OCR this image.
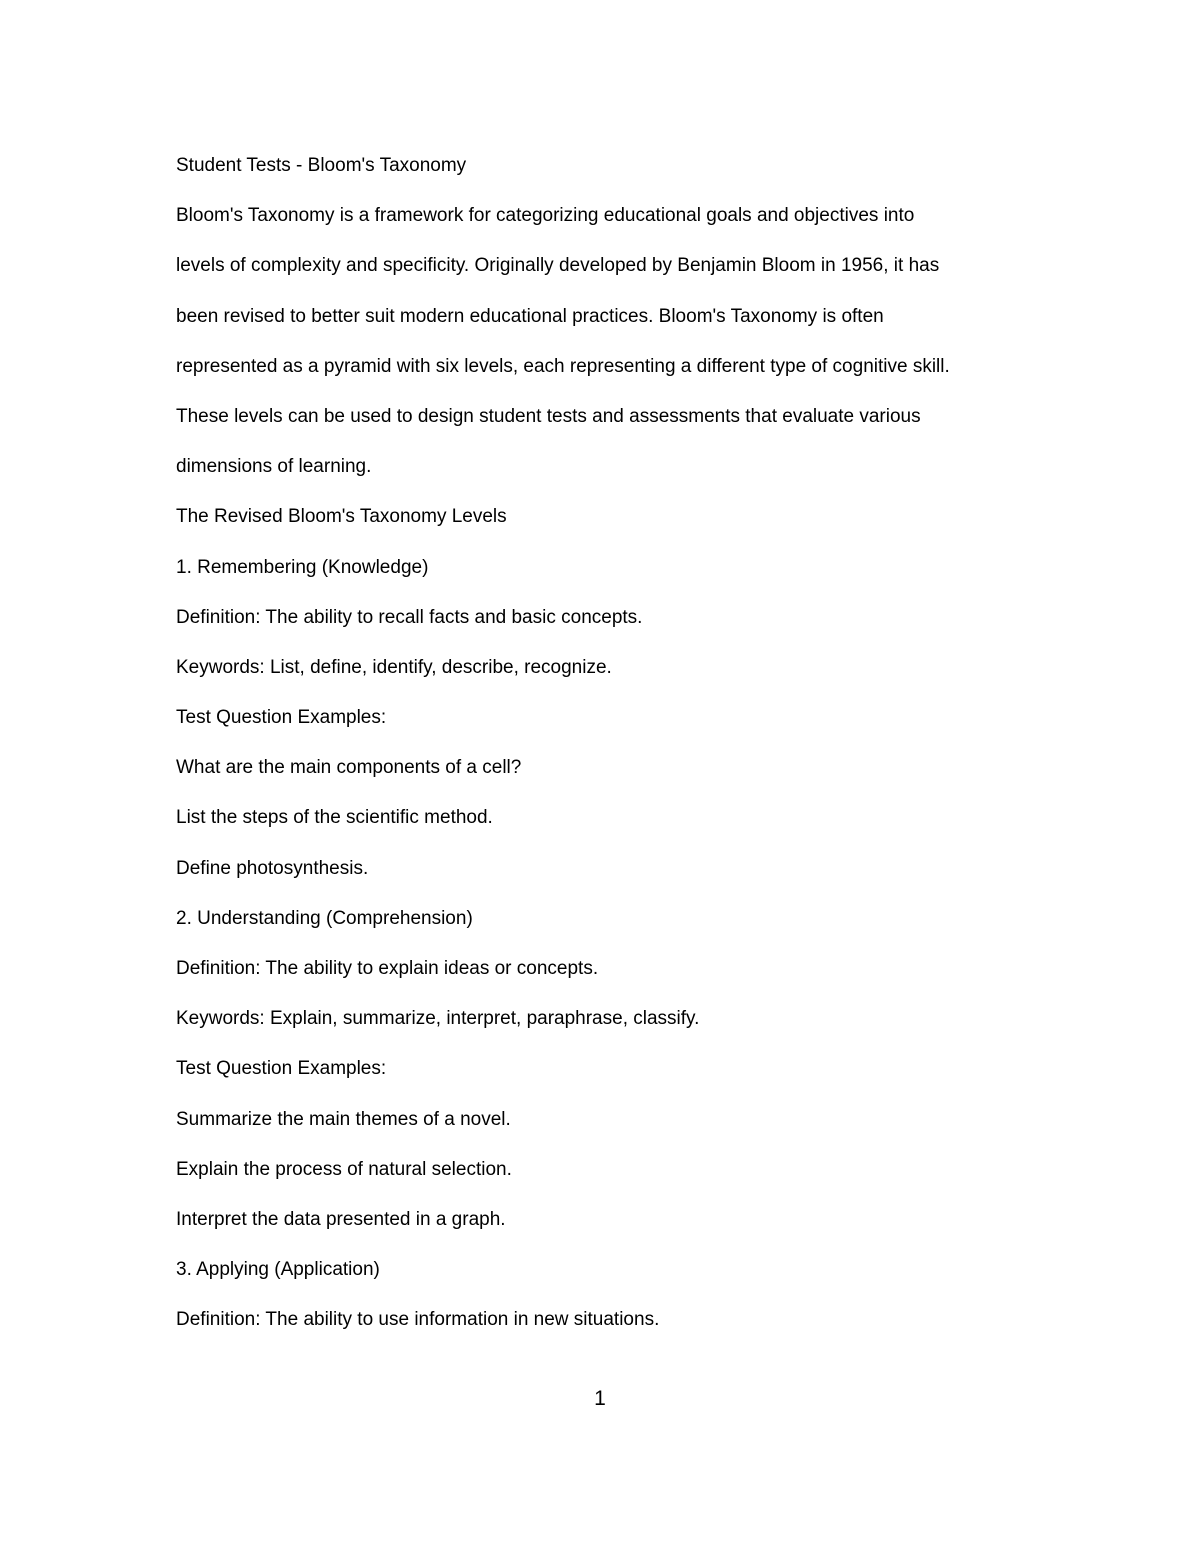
Student Tests - Bloom's Taxonomy

Bloom's Taxonomy is a framework for categorizing educational goals and objectives into

levels of complexity and specificity. Originally developed by Benjamin Bloom in 1956, it has

been revised to better suit modern educational practices. Bloom's Taxonomy is often

represented as a pyramid with six levels, each representing a different type of cognitive skill.

These levels can be used to design student tests and assessments that evaluate various

dimensions of learning.

The Revised Bloom's Taxonomy Levels

1. Remembering (Knowledge)

Definition: The ability to recall facts and basic concepts.

Keywords: List, define, identify, describe, recognize.

Test Question Examples:

What are the main components of a cell?

List the steps of the scientific method.

Define photosynthesis.

2. Understanding (Comprehension)

Definition: The ability to explain ideas or concepts.

Keywords: Explain, summarize, interpret, paraphrase, classify.

Test Question Examples:

Summarize the main themes of a novel.

Explain the process of natural selection.

Interpret the data presented in a graph.

3. Applying (Application)

Definition: The ability to use information in new situations.

1
